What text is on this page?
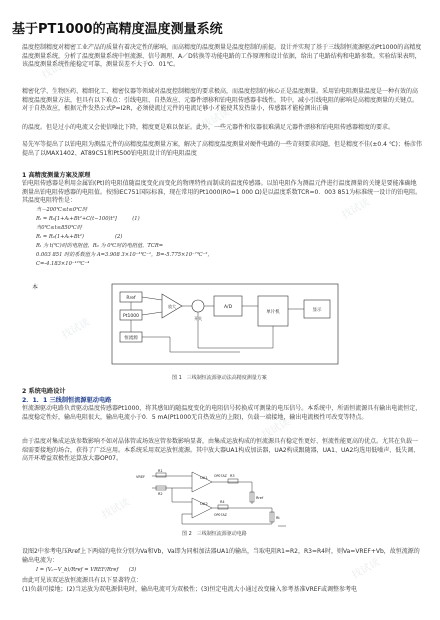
基于PT1000的高精度温度测量系统

温度控制精度对精密工业产品的质量有着决定性的影响，而高精度的温度测量是温度控制的前提。设计并实现了基于三线制恒流源驱动Pt1000的高精度温度测量系统，分析了温度测量系统中恒流源、信号调理、A／D转换等功能电路的工作原理和设计依据，给出了电路结构和电路参数。实验结果表明，该温度测量系统性能稳定可靠，测量误差不大于O．01℃。

精密化学、生物医药、精细化工、精密仪器等领域对温度控制精度的要求极高，而温度控制的核心正是温度测量。采用铂电阻测量温度是一种有效的高精度温度测量方法，但具有以下难点：引线电阻、自热效应、元器件漂移和铂电阻传感器非线性。其中，减小引线电阻的影响是高精度测量的关键点。对于自热效应，根据元件发热公式P=I2R，必须使流过元件的电流足够小才能使其发热量小，传感器才能检测出正确

的温度。但是过小的电流又会使信噪比下降，精度更是难以保证。此外，一些元器件和仪器很难满足元器件漂移和铂电阻传感器精度的要求。

易先军等提出了以铂电阻为测温元件的高精度温度测量方案，解决了高精度温度测量对硬件电路的一些苛刻要求问题，但是精度不佳(±0.4 ℃)；杨彦伟提出了以MAX1402、AT89C51和Pt500铂电阻设计的铂电阻温度

1 高精度测量方案及原理

铂电阻传感器是利用金属铂(Pt)的电阻值随温度变化而变化的物理特性而制成的温度传感器。以铂电阻作为测温元件进行温度测量的关键是要能准确地测量出铂电阻传感器的电阻值。按照IEC751国际标准，现在常用的Pt1000(R0=1 000 Ω)是以温度系数TCR=0．003 851为标准统一设计的铂电阻。其温度电阻特性是：

当－200℃≤t≤0℃时
Rₜ = R₀[1+Aₜ+Bt²+C(t−100)t³]　　　(1)
当0℃≤t≤850℃时
Rₜ = R₀(1+Aₜ+Bt²)　　　　　　(2)
Rₜ 为 t(℃)时的电阻值，R₀ 为 0℃时的电阻值，TCR=
0.003 851 时的系数值为 A=3.908 3×10⁻³℃⁻¹，B=-5.775×10⁻⁷℃⁻²，
C=-4.183×10⁻¹²℃⁻⁴
本
Rref
Pt1000
恒流源
放大
开关
A/D
单片机	显示
图 1　三线制恒流源驱动法高精度测量方案
2 系统电路设计
2．1．1 三线制恒流源驱动电路

恒流源驱动电路负责驱动温度传感器Pt1000，将其感知的随温度变化的电阻信号转换成可测量的电压信号。本系统中，所需恒流源具有输出电流恒定，温度稳定性好，输出电阻很大，输出电流小于0．5 mA(Pt1000无自热效应的上限)，负载一端接地，输出电流极性可改变等特点。

由于温度对集成运放参数影响不如对晶体管或场效应管参数影响显著，由集成运放构成的恒流源具有稳定性更好、恒流性能更高的优点。尤其在负载一端需要接地的场合，获得了广泛应用。本系统采用双运放恒流源。其中放大器UA1构成加法器，UA2构成跟随器，UA1、UA2均选用低噪声、低失调、高开环增益双极性运算放大器OP07。

UA1 OP07AZ
UA2
OP07AZ
R1
R2
R3
R4
VREF
Rref
Rt
图 2　三线制恒流源驱动电路

设图2中参考电压Rref上下两端的电位分别为Va和Vb，Va即为同相加法器UA1的输出，当取电阻R1=R2，R3=R4时，则Va=VREF+Vb，故恒流源的输出电流为：

I = (Vₐ−V_b)/Rref = VREF/Rref　　(3)

由此可见该双运放恒流源具有以下显著特点：

(1)负载可接地；(2)当运放为双电源供电时，输出电流可为双极性；(3)恒定电流大小通过改变输入参考基准VREF或调整参考电

找试读
找试读
找试读
找试读
找试读
找试读
找试读
